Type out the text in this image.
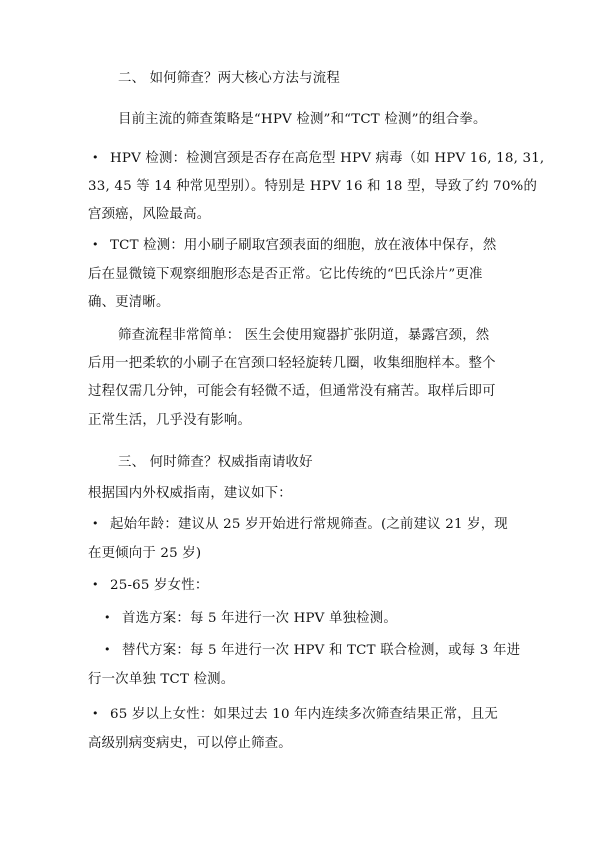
二、 如何筛查？两大核心方法与流程
目前主流的筛查策略是“HPV 检测”和“TCT 检测”的组合拳。
• HPV 检测：检测宫颈是否存在高危型 HPV 病毒（如 HPV 16, 18, 31,
33, 45 等 14 种常见型别）。特别是 HPV 16 和 18 型，导致了约 70%的
宫颈癌，风险最高。
• TCT 检测：用小刷子刷取宫颈表面的细胞，放在液体中保存，然
后在显微镜下观察细胞形态是否正常。它比传统的“巴氏涂片”更准
确、更清晰。
筛查流程非常简单： 医生会使用窥器扩张阴道，暴露宫颈，然
后用一把柔软的小刷子在宫颈口轻轻旋转几圈，收集细胞样本。整个
过程仅需几分钟，可能会有轻微不适，但通常没有痛苦。取样后即可
正常生活，几乎没有影响。
三、 何时筛查？权威指南请收好
根据国内外权威指南，建议如下：
• 起始年龄：建议从 25 岁开始进行常规筛查。(之前建议 21 岁，现
在更倾向于 25 岁)
• 25-65 岁女性：
• 首选方案：每 5 年进行一次 HPV 单独检测。
• 替代方案：每 5 年进行一次 HPV 和 TCT 联合检测，或每 3 年进
行一次单独 TCT 检测。
• 65 岁以上女性：如果过去 10 年内连续多次筛查结果正常，且无
高级别病变病史，可以停止筛查。
